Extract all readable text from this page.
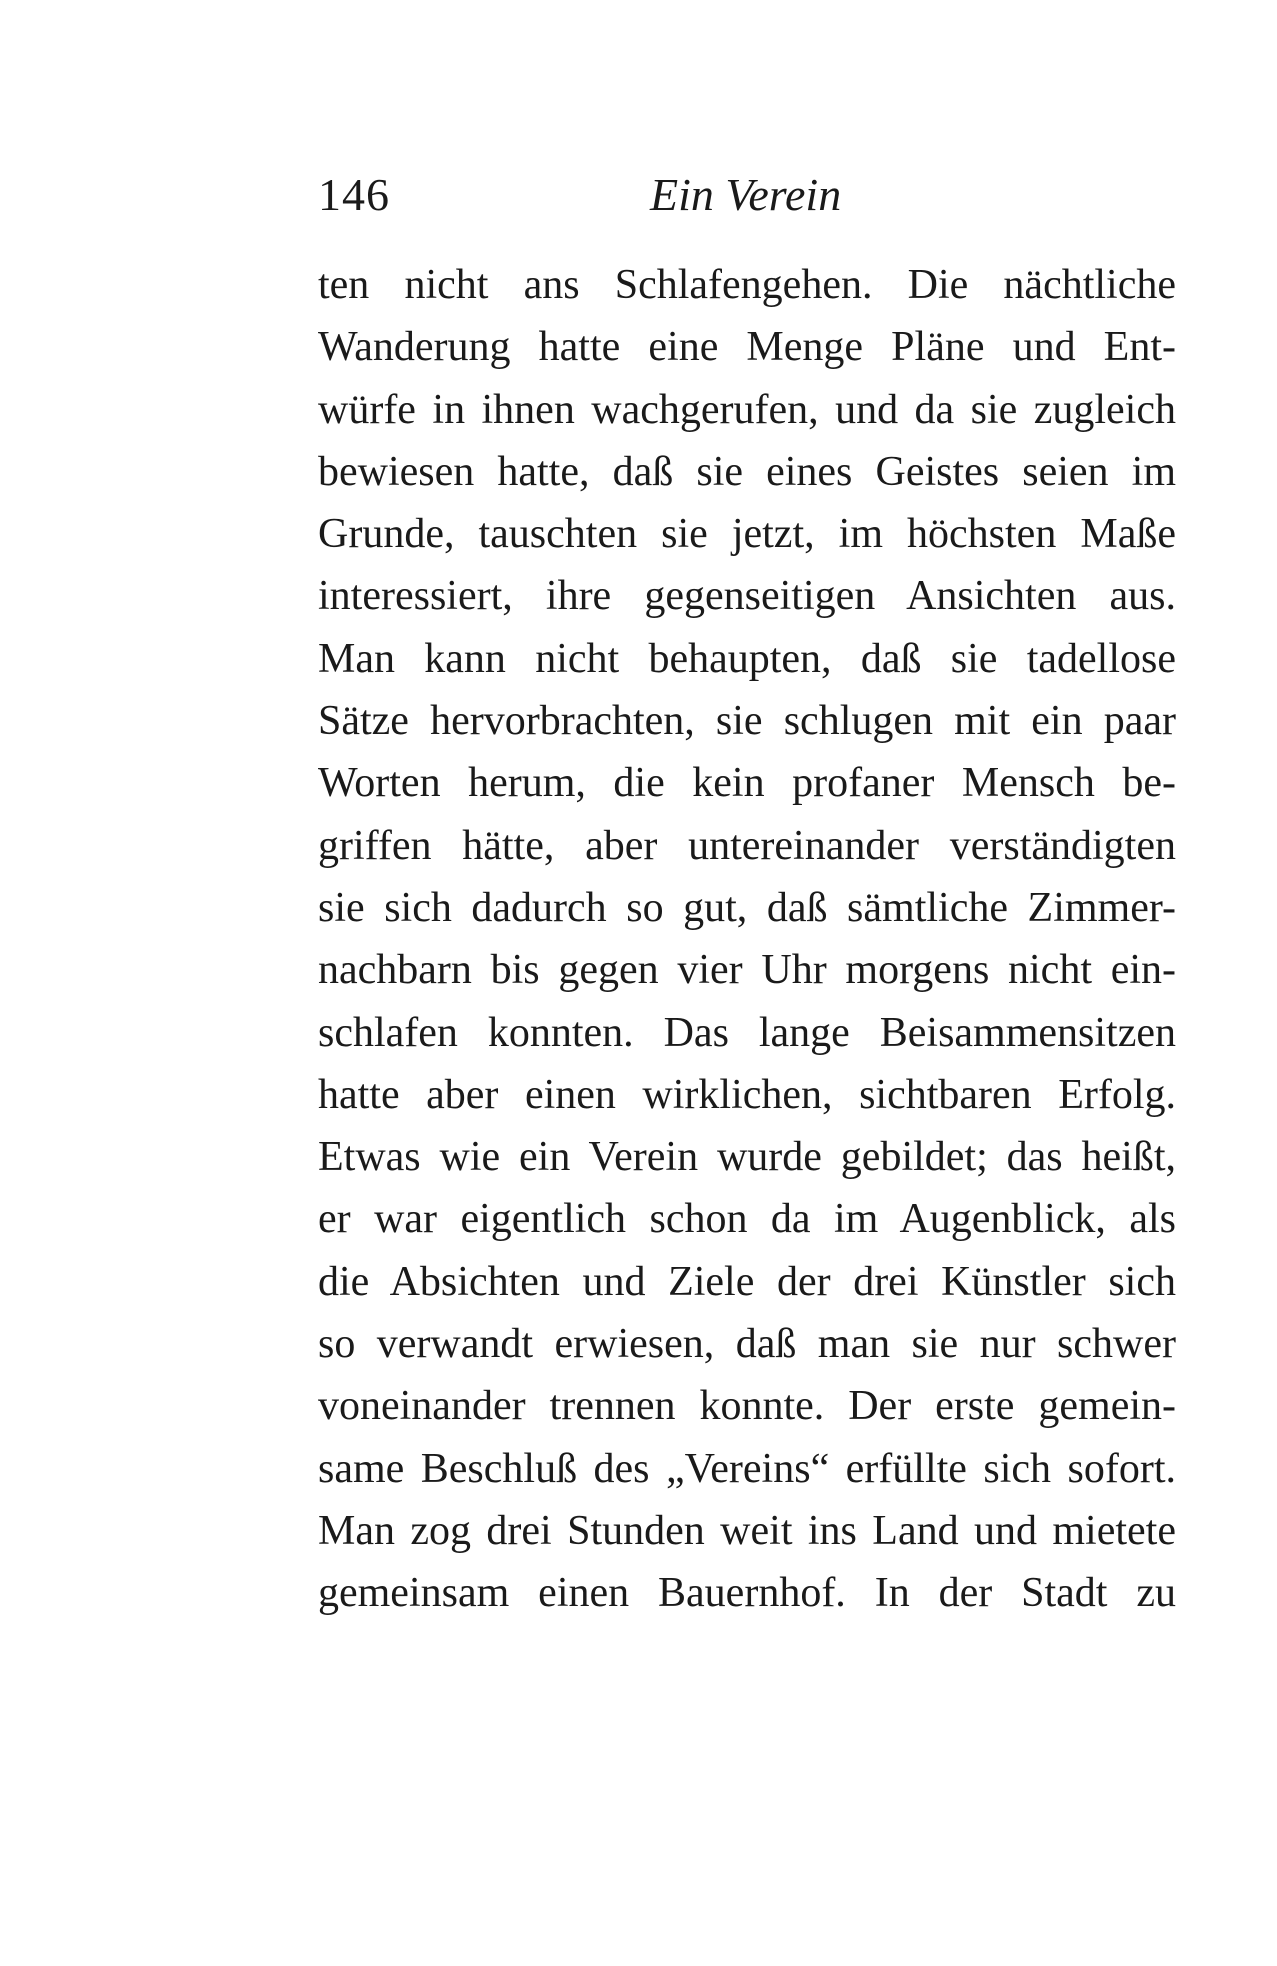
146	Ein Verein
ten nicht ans Schlafengehen. Die nächtliche
Wanderung hatte eine Menge Pläne und Ent-
würfe in ihnen wachgerufen, und da sie zugleich
bewiesen hatte, daß sie eines Geistes seien im
Grunde, tauschten sie jetzt, im höchsten Maße
interessiert, ihre gegenseitigen Ansichten aus.
Man kann nicht behaupten, daß sie tadellose
Sätze hervorbrachten, sie schlugen mit ein paar
Worten herum, die kein profaner Mensch be-
griffen hätte, aber untereinander verständigten
sie sich dadurch so gut, daß sämtliche Zimmer-
nachbarn bis gegen vier Uhr morgens nicht ein-
schlafen konnten. Das lange Beisammensitzen
hatte aber einen wirklichen, sichtbaren Erfolg.
Etwas wie ein Verein wurde gebildet; das heißt,
er war eigentlich schon da im Augenblick, als
die Absichten und Ziele der drei Künstler sich
so verwandt erwiesen, daß man sie nur schwer
voneinander trennen konnte. Der erste gemein-
same Beschluß des „Vereins“ erfüllte sich sofort.
Man zog drei Stunden weit ins Land und mietete
gemeinsam einen Bauernhof. In der Stadt zu
